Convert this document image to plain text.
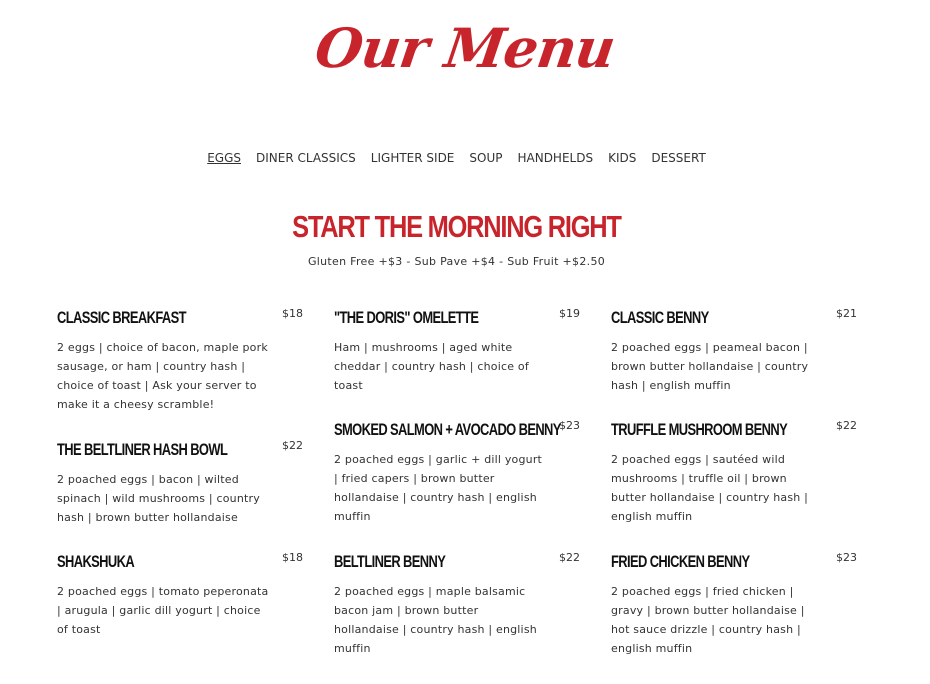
Our Menu
EGGS DINER CLASSICS LIGHTER SIDE SOUP HANDHELDS KIDS DESSERT
START THE MORNING RIGHT
Gluten Free +$3 - Sub Pave +$4 - Sub Fruit +$2.50
CLASSIC BREAKFAST	$18
2 eggs | choice of bacon, maple pork sausage, or ham | country hash | choice of toast | Ask your server to make it a cheesy scramble!
THE BELTLINER HASH BOWL	$22
2 poached eggs | bacon | wilted spinach | wild mushrooms | country hash | brown butter hollandaise
SHAKSHUKA	$18
2 poached eggs | tomato peperonata | arugula | garlic dill yogurt | choice of toast
"THE DORIS" OMELETTE	$19
Ham | mushrooms | aged white cheddar | country hash | choice of toast
SMOKED SALMON + AVOCADO BENNY
$23
2 poached eggs | garlic + dill yogurt | fried capers | brown butter hollandaise | country hash | english muffin
BELTLINER BENNY	$22
2 poached eggs | maple balsamic bacon jam | brown butter hollandaise | country hash | english muffin
CLASSIC BENNY	$21
2 poached eggs | peameal bacon | brown butter hollandaise | country hash | english muffin
TRUFFLE MUSHROOM BENNY	$22
2 poached eggs | sautéed wild mushrooms | truffle oil | brown butter hollandaise | country hash | english muffin
FRIED CHICKEN BENNY	$23
2 poached eggs | fried chicken | gravy | brown butter hollandaise | hot sauce drizzle | country hash | english muffin
